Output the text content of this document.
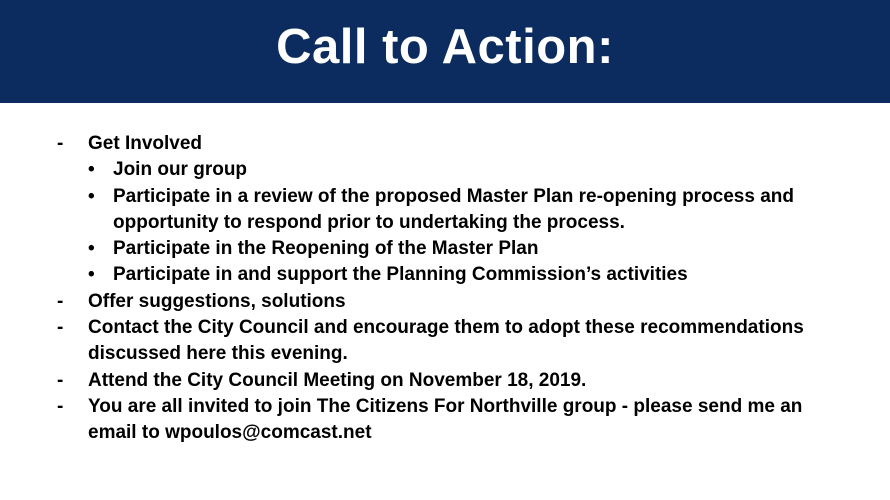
Call to Action:
- Get Involved
• Join our group
• Participate in a review of the proposed Master Plan re-opening process and opportunity to respond prior to undertaking the process.
• Participate in the Reopening of the Master Plan
• Participate in and support the Planning Commission’s activities
- Offer suggestions, solutions
- Contact the City Council and encourage them to adopt these recommendations discussed here this evening.
- Attend the City Council Meeting on November 18, 2019.
- You are all invited to join The Citizens For Northville group - please send me an email to wpoulos@comcast.net
